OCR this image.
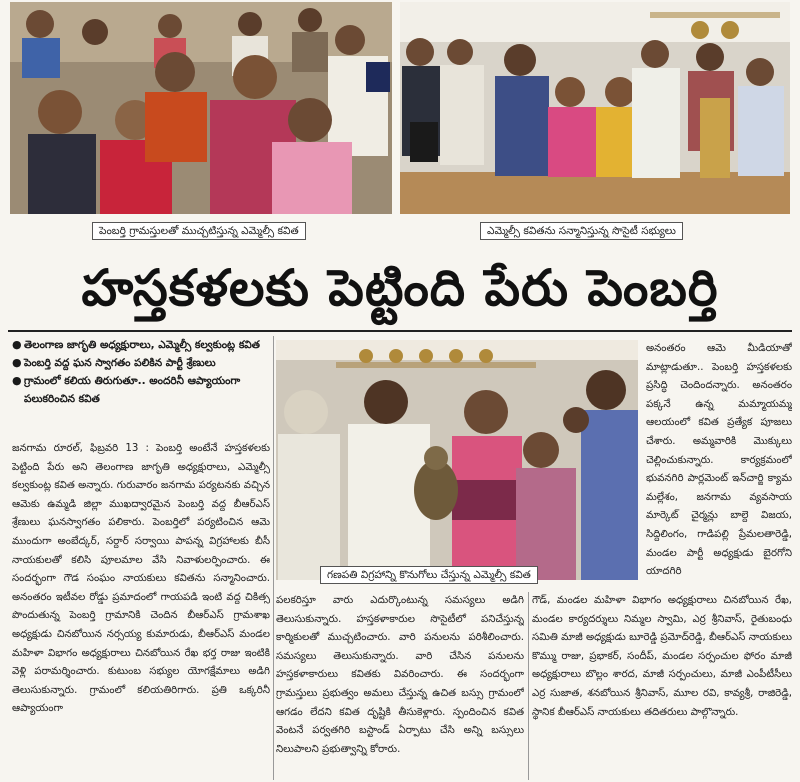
పెంబర్తి గ్రామస్తులతో ముచ్చటిస్తున్న ఎమ్మెల్సీ కవిత	ఎమ్మెల్సీ కవితను సన్మానిస్తున్న సొసైటీ సభ్యులు
హస్తకళలకు పెట్టింది పేరు పెంబర్తి
● తెలంగాణ జాగృతి అధ్యక్షురాలు, ఎమ్మెల్సీ కల్వకుంట్ల కవిత
● పెంబర్తి వద్ద ఘన స్వాగతం పలికిన పార్టీ శ్రేణులు
● గ్రామంలో కలియ తిరుగుతూ.. అందరినీ ఆప్యాయంగా పలుకరించిన కవిత

జనగామ రూరల్, ఫిబ్రవరి 13 : పెంబర్తి అంటేనే హస్తకళలకు పెట్టింది పేరు అని తెలంగాణ జాగృతి అధ్యక్షురాలు, ఎమ్మెల్సీ కల్వకుంట్ల కవిత అన్నారు. గురువారం జనగామ పర్యటనకు వచ్చిన ఆమెకు ఉమ్మడి జిల్లా ముఖద్వారమైన పెంబర్తి వద్ద బీఆర్ఎస్ శ్రేణులు ఘనస్వాగతం పలికారు. పెంబర్తిలో పర్యటించిన ఆమె ముందుగా అంబేద్కర్, సర్దార్ సర్వాయి పాపన్న విగ్రహాలకు బీసీ నాయకులతో కలిసి పూలమాల వేసి నివాళులర్పించారు. ఈ సందర్భంగా గౌడ సంఘం నాయకులు కవితను సన్మానించారు. అనంతరం ఇటీవల రోడ్డు ప్రమాదంలో గాయపడి ఇంటి వద్ద చికిత్స పొందుతున్న పెంబర్తి గ్రామానికి చెందిన బీఆర్ఎస్ గ్రామశాఖ అధ్యక్షుడు చినబోయిన నర్సయ్య కుమారుడు, బీఆర్ఎస్ మండల మహిళా విభాగం అధ్యక్షురాలు చినబోయిన రేఖ భర్త రాజు ఇంటికి వెళ్లి పరామర్శించారు. కుటుంబ సభ్యుల యోగక్షేమాలు అడిగి తెలుసుకున్నారు. గ్రామంలో కలియతిరిగారు. ప్రతి ఒక్కరినీ ఆప్యాయంగా

గణపతి విగ్రహాన్ని కొనుగోలు చేస్తున్న ఎమ్మెల్సీ కవిత

పలకరిస్తూ వారు ఎదుర్కొంటున్న సమస్యలు అడిగి తెలుసుకున్నారు. హస్తకళాకారుల సొసైటీలో పనిచేస్తున్న కార్మికులతో ముచ్చటించారు. వారి పనులను పరిశీలించారు. సమస్యలు తెలుసుకున్నారు. వారి చేసిన పనులను హస్తకళాకారులు కవితకు వివరించారు. ఈ సందర్భంగా గ్రామస్తులు ప్రభుత్వం అమలు చేస్తున్న ఉచిత బస్సు గ్రామంలో ఆగడం లేదని కవిత దృష్టికి తీసుకెళ్లారు. స్పందించిన కవిత వెంటనే పర్వతగిరి బస్టాండ్ ఏర్పాటు చేసి అన్ని బస్సులు నిలుపాలని ప్రభుత్వాన్ని కోరారు.

అనంతరం ఆమె మీడియాతో మాట్లాడుతూ.. పెంబర్తి హస్తకళలకు ప్రసిద్ధి చెందిందన్నారు. అనంతరం పక్కనే ఉన్న మమ్మాయమ్మ ఆలయంలో కవిత ప్రత్యేక పూజలు చేశారు. అమ్మవారికి మొక్కులు చెల్లించుకున్నారు. కార్యక్రమంలో భువనగిరి పార్లమెంట్ ఇన్‌చార్జి క్యామ మల్లేశం, జనగామ వ్యవసాయ మార్కెట్ చైర్మన్లు బాల్దె విజయ, సిద్దిలింగం, గాడిపల్లి ప్రేమలతారెడ్డి, మండల పార్టీ అధ్యక్షుడు బైరగోని యాదగిరి

గౌడ్, మండల మహిళా విభాగం అధ్యక్షురాలు చినబోయిన రేఖ, మండల కార్యదర్శులు నిమ్మల స్వామి, ఎర్ర శ్రీనివాస్, రైతుబంధు సమితి మాజీ అధ్యక్షుడు బూరెడ్డి ప్రమోద్‌రెడ్డి, బీఆర్ఎస్ నాయకులు కొమ్ము రాజు, ప్రభాకర్, సందీప్, మండల సర్పంచుల ఫోరం మాజీ అధ్యక్షురాలు బొల్లం శారద, మాజీ సర్పంచులు, మాజీ ఎంపీటీసీలు ఎర్ర సుజాత, శనబోయిన శ్రీనివాస్, మూల రవి, కావ్యశ్రీ, రాజిరెడ్డి, స్థానిక బీఆర్ఎస్ నాయకులు తదితరులు పాల్గొన్నారు.
